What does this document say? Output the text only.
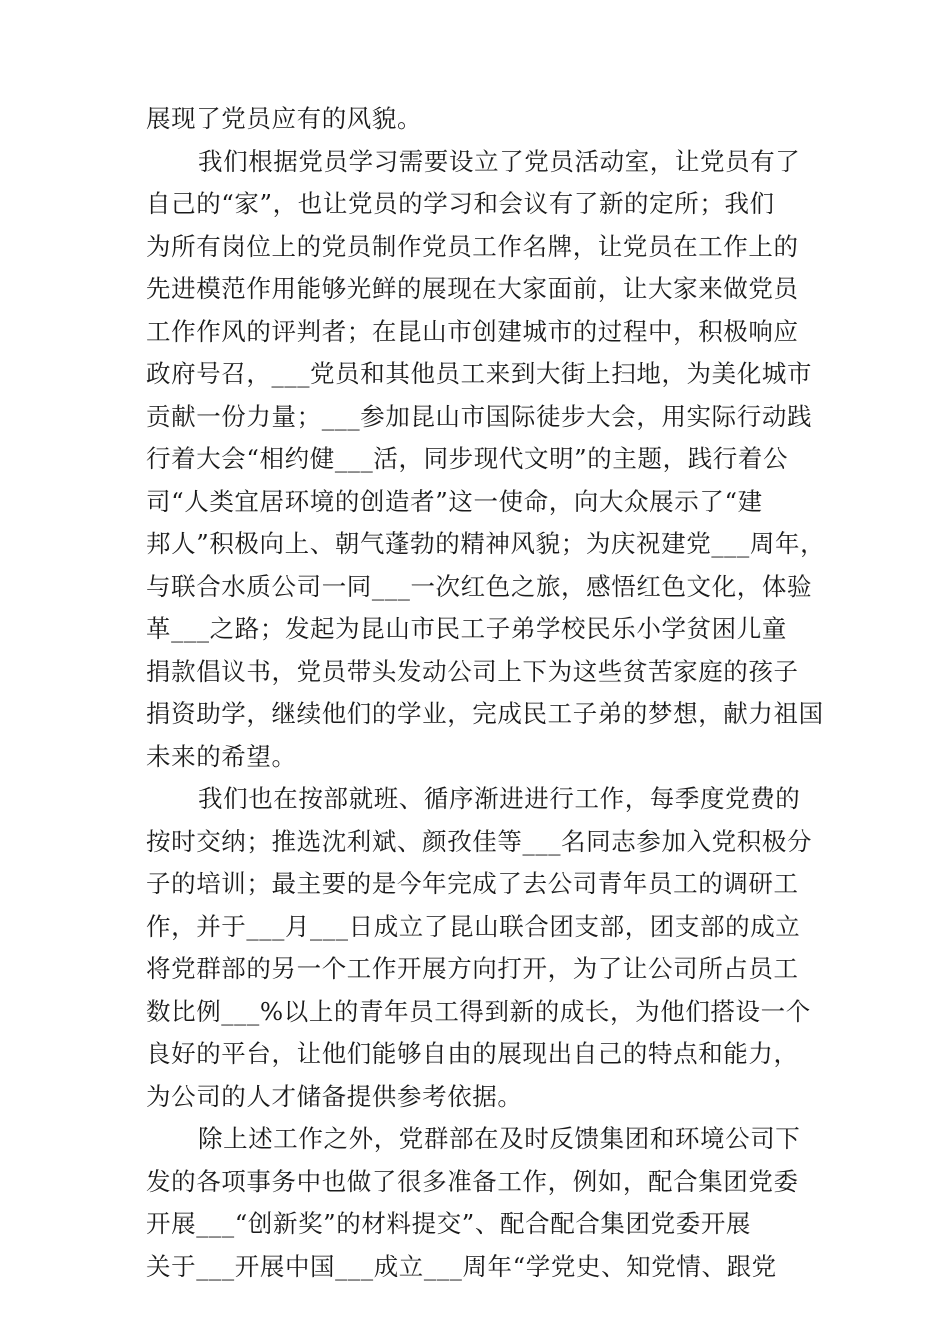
展现了党员应有的风貌。
我们根据党员学习需要设立了党员活动室，让党员有了
自己的“家”，也让党员的学习和会议有了新的定所；我们
为所有岗位上的党员制作党员工作名牌，让党员在工作上的
先进模范作用能够光鲜的展现在大家面前，让大家来做党员
工作作风的评判者；在昆山市创建城市的过程中，积极响应
政府号召，___党员和其他员工来到大街上扫地，为美化城市
贡献一份力量；___参加昆山市国际徒步大会，用实际行动践
行着大会“相约健___活，同步现代文明”的主题，践行着公
司“人类宜居环境的创造者”这一使命，向大众展示了“建
邦人”积极向上、朝气蓬勃的精神风貌；为庆祝建党___周年，
与联合水质公司一同___一次红色之旅，感悟红色文化，体验
革___之路；发起为昆山市民工子弟学校民乐小学贫困儿童
捐款倡议书，党员带头发动公司上下为这些贫苦家庭的孩子
捐资助学，继续他们的学业，完成民工子弟的梦想，献力祖国
未来的希望。
我们也在按部就班、循序渐进进行工作，每季度党费的
按时交纳；推选沈利斌、颜孜佳等___名同志参加入党积极分
子的培训；最主要的是今年完成了去公司青年员工的调研工
作，并于___月___日成立了昆山联合团支部，团支部的成立
将党群部的另一个工作开展方向打开，为了让公司所占员工
数比例___%以上的青年员工得到新的成长，为他们搭设一个
良好的平台，让他们能够自由的展现出自己的特点和能力，
为公司的人才储备提供参考依据。
除上述工作之外，党群部在及时反馈集团和环境公司下
发的各项事务中也做了很多准备工作，例如，配合集团党委
开展___“创新奖”的材料提交”、配合配合集团党委开展
关于___开展中国___成立___周年“学党史、知党情、跟党
